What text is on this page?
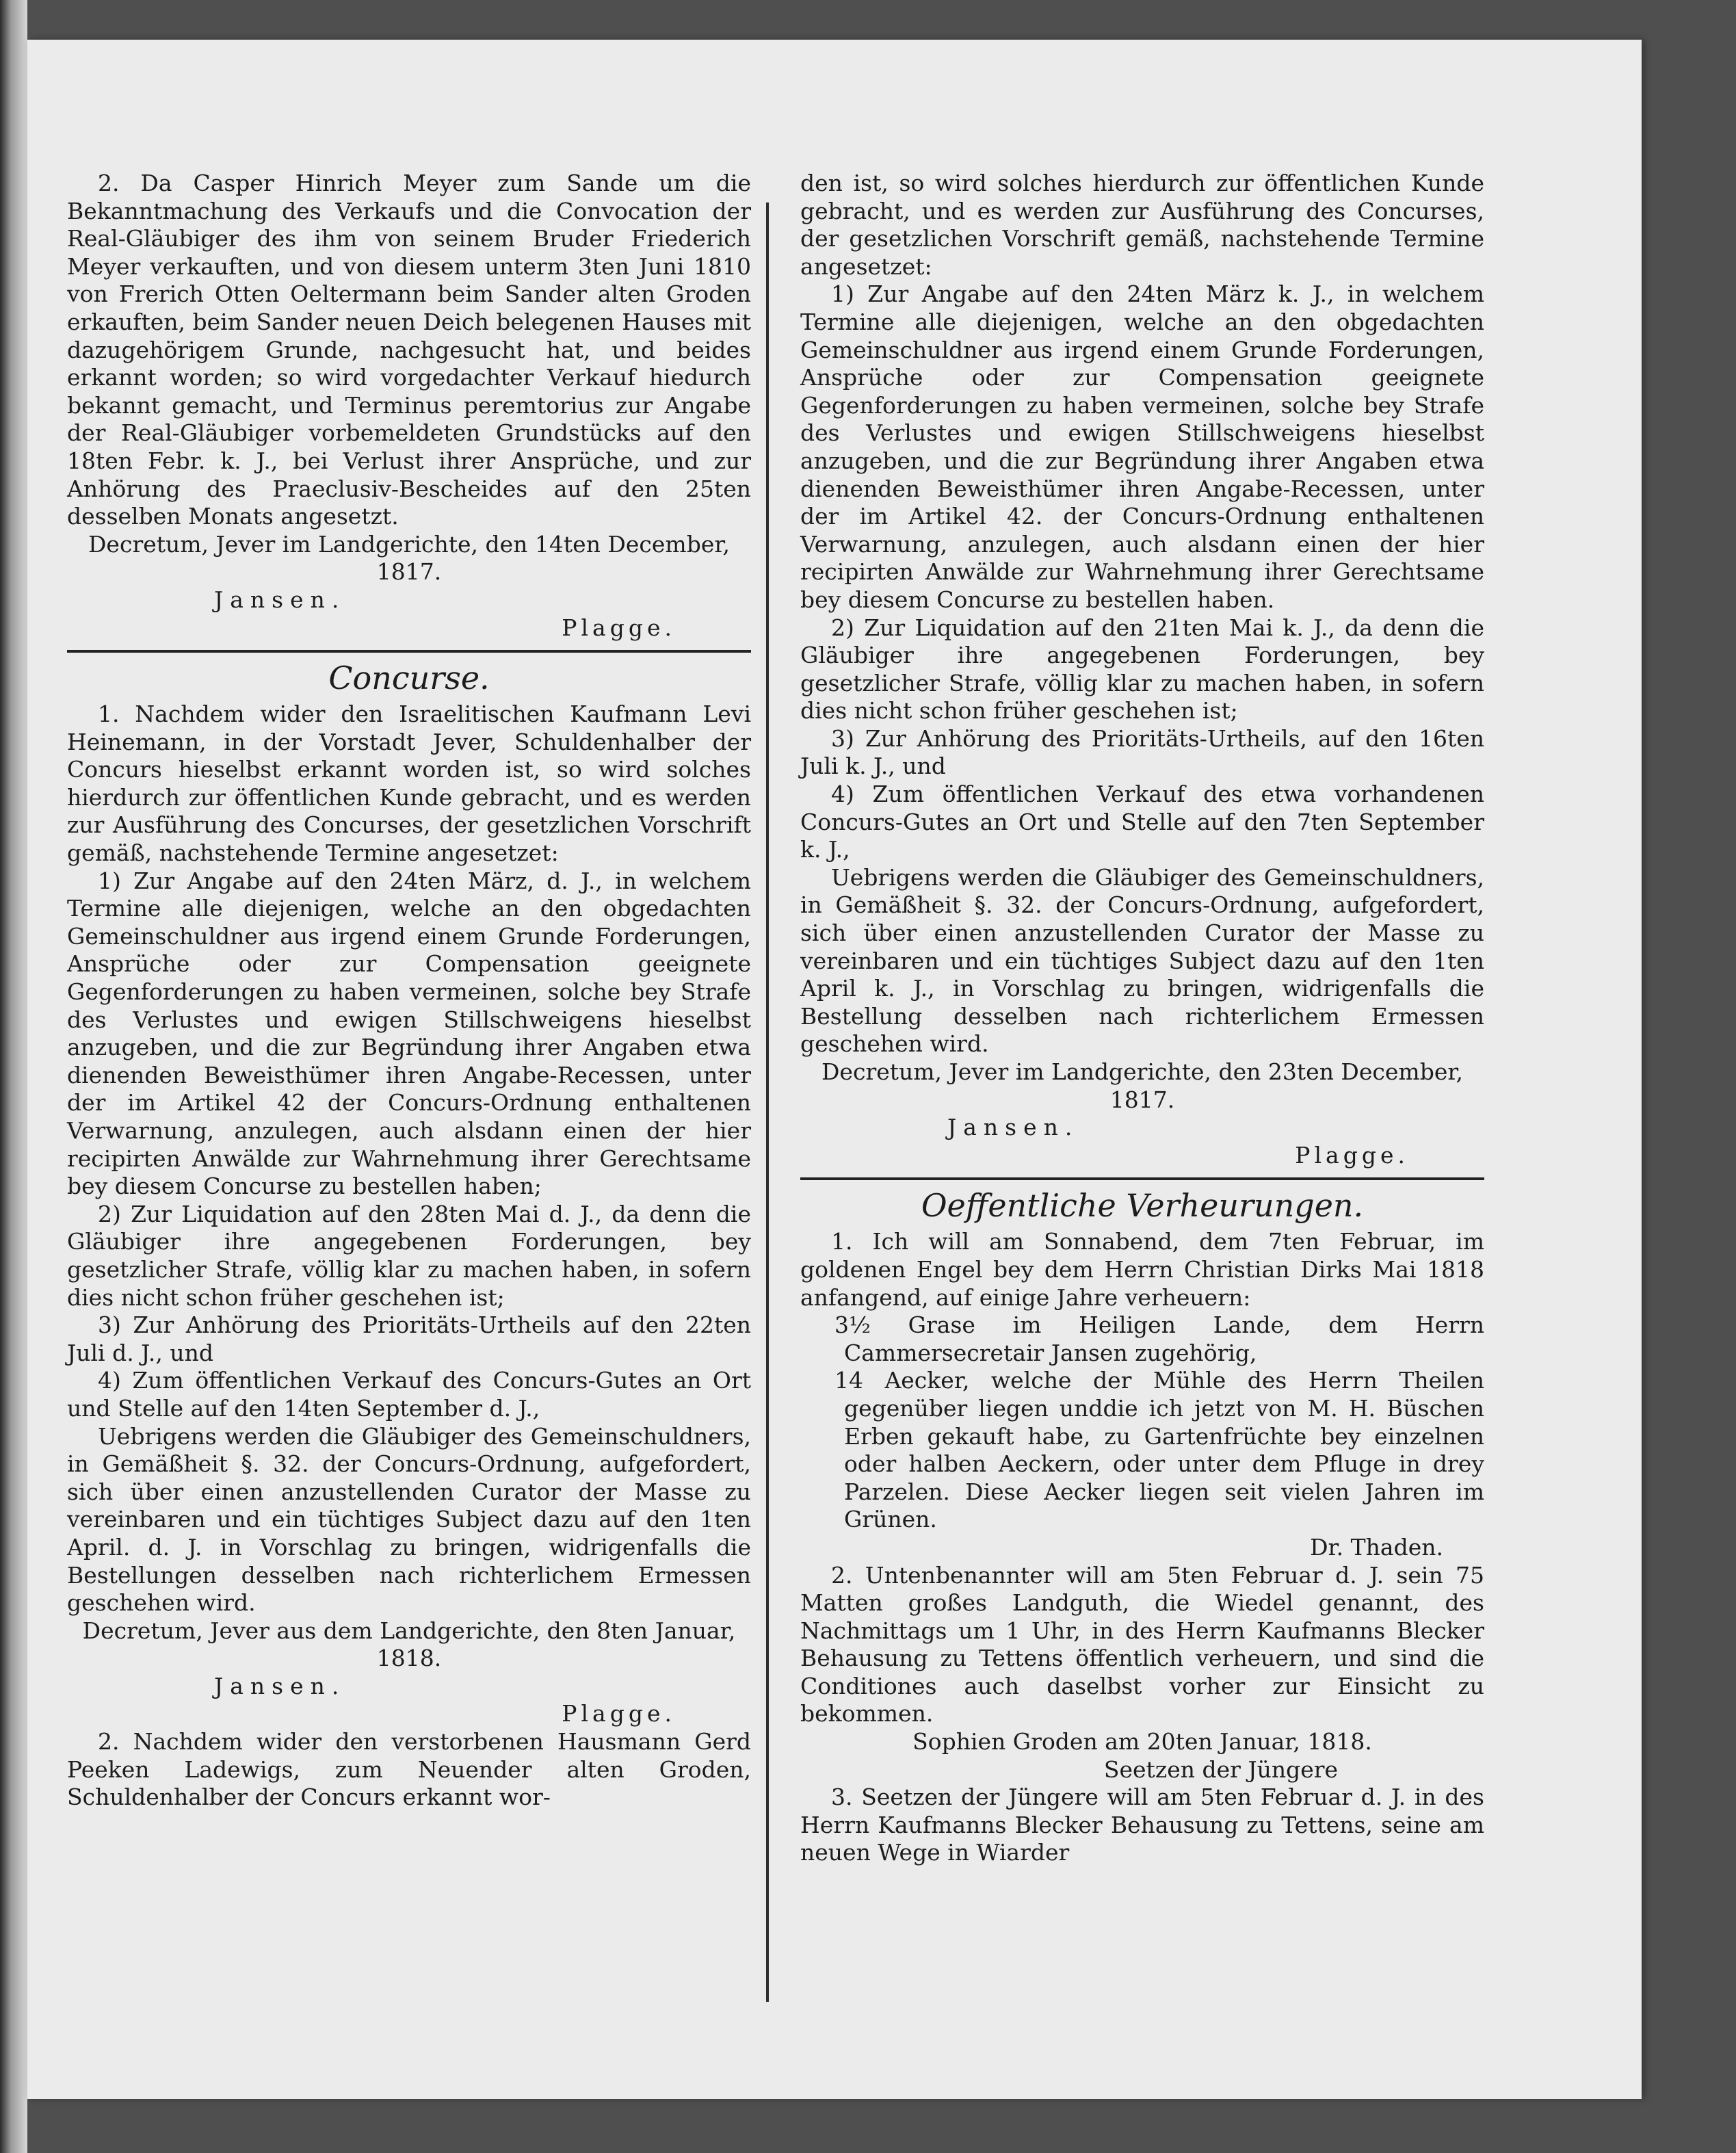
2. Da Casper Hinrich Meyer zum Sande um die Bekanntmachung des Verkaufs und die Convocation der Real-Gläubiger des ihm von seinem Bruder Friederich Meyer verkauften, und von diesem unterm 3ten Juni 1810 von Frerich Otten Oeltermann beim Sander alten Groden erkauften, beim Sander neuen Deich belegenen Hauses mit dazugehörigem Grunde, nachgesucht hat, und beides erkannt worden; so wird vorgedachter Verkauf hiedurch bekannt gemacht, und Terminus peremtorius zur Angabe der Real-Gläubiger vorbemeldeten Grundstücks auf den 18ten Febr. k. J., bei Verlust ihrer Ansprüche, und zur Anhörung des Praeclusiv-Bescheides auf den 25ten desselben Monats angesetzt.

Decretum, Jever im Landgerichte, den 14ten December, 1817.

Jansen.

Plagge.

Concurse.

1. Nachdem wider den Israelitischen Kaufmann Levi Heinemann, in der Vorstadt Jever, Schuldenhalber der Concurs hieselbst erkannt worden ist, so wird solches hierdurch zur öffentlichen Kunde gebracht, und es werden zur Ausführung des Concurses, der gesetzlichen Vorschrift gemäß, nachstehende Termine angesetzet:

1) Zur Angabe auf den 24ten März, d. J., in welchem Termine alle diejenigen, welche an den obgedachten Gemeinschuldner aus irgend einem Grunde Forderungen, Ansprüche oder zur Compensation geeignete Gegenforderungen zu haben vermeinen, solche bey Strafe des Verlustes und ewigen Stillschweigens hieselbst anzugeben, und die zur Begründung ihrer Angaben etwa dienenden Beweisthümer ihren Angabe-Recessen, unter der im Artikel 42 der Concurs-Ordnung enthaltenen Verwarnung, anzulegen, auch alsdann einen der hier recipirten Anwälde zur Wahrnehmung ihrer Gerechtsame bey diesem Concurse zu bestellen haben;

2) Zur Liquidation auf den 28ten Mai d. J., da denn die Gläubiger ihre angegebenen Forderungen, bey gesetzlicher Strafe, völlig klar zu machen haben, in sofern dies nicht schon früher geschehen ist;

3) Zur Anhörung des Prioritäts-Urtheils auf den 22ten Juli d. J., und

4) Zum öffentlichen Verkauf des Concurs-Gutes an Ort und Stelle auf den 14ten September d. J.,

Uebrigens werden die Gläubiger des Gemeinschuldners, in Gemäßheit §. 32. der Concurs-Ordnung, aufgefordert, sich über einen anzustellenden Curator der Masse zu vereinbaren und ein tüchtiges Subject dazu auf den 1ten April. d. J. in Vorschlag zu bringen, widrigenfalls die Bestellungen desselben nach richterlichem Ermessen geschehen wird.

Decretum, Jever aus dem Landgerichte, den 8ten Januar, 1818.

Jansen.

Plagge.

2. Nachdem wider den verstorbenen Hausmann Gerd Peeken Ladewigs, zum Neuender alten Groden, Schuldenhalber der Concurs erkannt wor-

den ist, so wird solches hierdurch zur öffentlichen Kunde gebracht, und es werden zur Ausführung des Concurses, der gesetzlichen Vorschrift gemäß, nachstehende Termine angesetzet:

1) Zur Angabe auf den 24ten März k. J., in welchem Termine alle diejenigen, welche an den obgedachten Gemeinschuldner aus irgend einem Grunde Forderungen, Ansprüche oder zur Compensation geeignete Gegenforderungen zu haben vermeinen, solche bey Strafe des Verlustes und ewigen Stillschweigens hieselbst anzugeben, und die zur Begründung ihrer Angaben etwa dienenden Beweisthümer ihren Angabe-Recessen, unter der im Artikel 42. der Concurs-Ordnung enthaltenen Verwarnung, anzulegen, auch alsdann einen der hier recipirten Anwälde zur Wahrnehmung ihrer Gerechtsame bey diesem Concurse zu bestellen haben.

2) Zur Liquidation auf den 21ten Mai k. J., da denn die Gläubiger ihre angegebenen Forderungen, bey gesetzlicher Strafe, völlig klar zu machen haben, in sofern dies nicht schon früher geschehen ist;

3) Zur Anhörung des Prioritäts-Urtheils, auf den 16ten Juli k. J., und

4) Zum öffentlichen Verkauf des etwa vorhandenen Concurs-Gutes an Ort und Stelle auf den 7ten September k. J.,

Uebrigens werden die Gläubiger des Gemeinschuldners, in Gemäßheit §. 32. der Concurs-Ordnung, aufgefordert, sich über einen anzustellenden Curator der Masse zu vereinbaren und ein tüchtiges Subject dazu auf den 1ten April k. J., in Vorschlag zu bringen, widrigenfalls die Bestellung desselben nach richterlichem Ermessen geschehen wird.

Decretum, Jever im Landgerichte, den 23ten December, 1817.

Jansen.

Plagge.

Oeffentliche Verheurungen.

1. Ich will am Sonnabend, dem 7ten Februar, im goldenen Engel bey dem Herrn Christian Dirks Mai 1818 anfangend, auf einige Jahre verheuern:

3½ Grase im Heiligen Lande, dem Herrn Cammersecretair Jansen zugehörig,

14 Aecker, welche der Mühle des Herrn Theilen gegenüber liegen unddie ich jetzt von M. H. Büschen Erben gekauft habe, zu Gartenfrüchte bey einzelnen oder halben Aeckern, oder unter dem Pfluge in drey Parzelen. Diese Aecker liegen seit vielen Jahren im Grünen.

Dr. Thaden.

2. Untenbenannter will am 5ten Februar d. J. sein 75 Matten großes Landguth, die Wiedel genannt, des Nachmittags um 1 Uhr, in des Herrn Kaufmanns Blecker Behausung zu Tettens öffentlich verheuern, und sind die Conditiones auch daselbst vorher zur Einsicht zu bekommen.

Sophien Groden am 20ten Januar, 1818.

Seetzen der Jüngere

3. Seetzen der Jüngere will am 5ten Februar d. J. in des Herrn Kaufmanns Blecker Behausung zu Tettens, seine am neuen Wege in Wiarder
